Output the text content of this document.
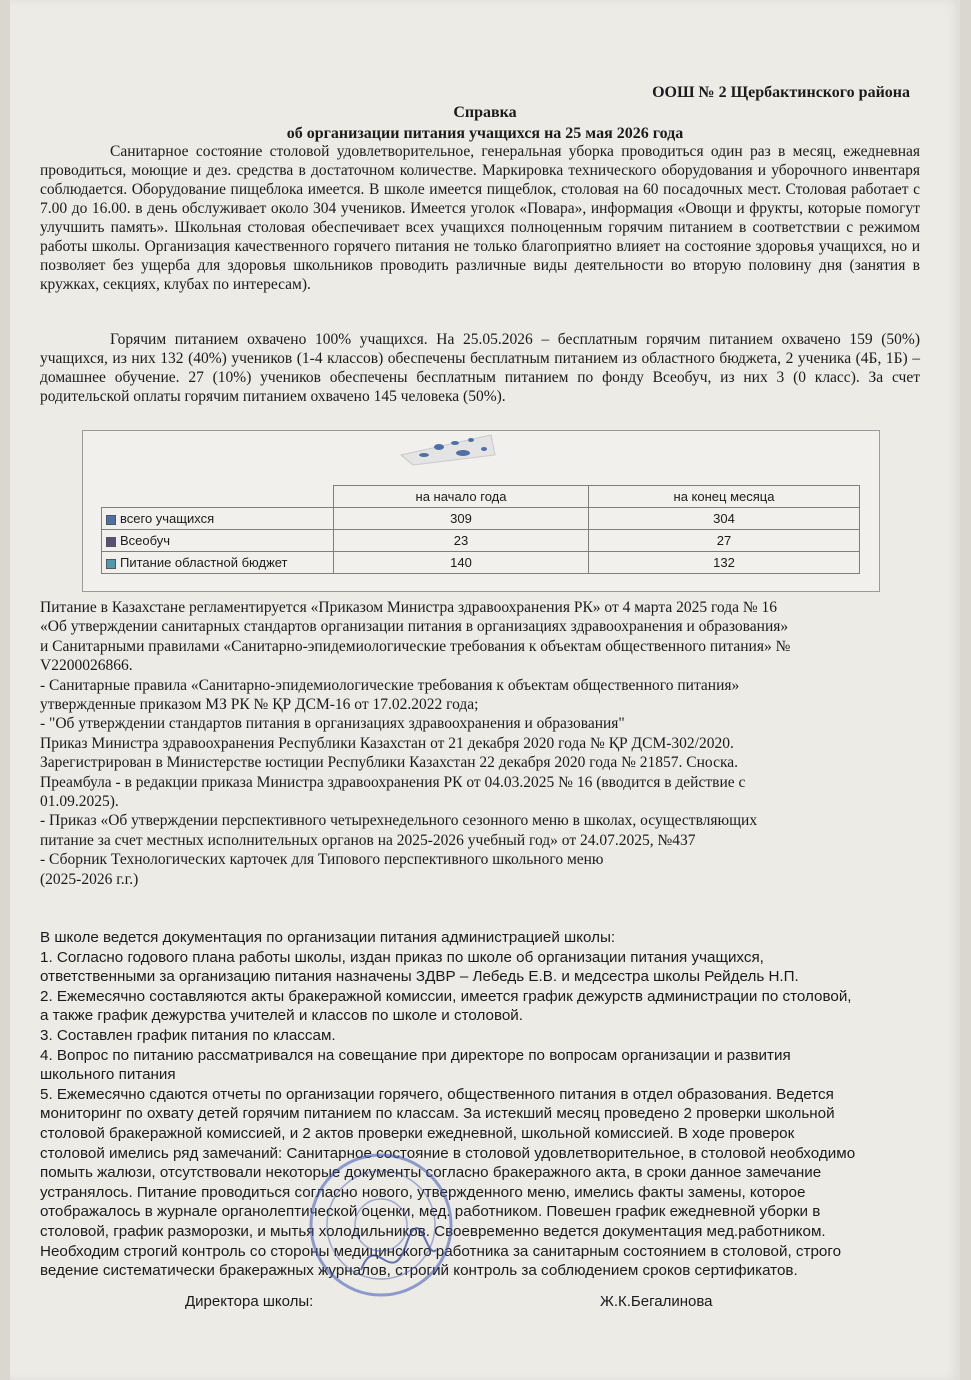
ООШ № 2 Щербактинского района
Справка
об организации питания учащихся на 25 мая 2026 года
Санитарное состояние столовой удовлетворительное, генеральная уборка проводиться один раз в месяц, ежедневная проводиться, моющие и дез. средства в достаточном количестве. Маркировка технического оборудования и уборочного инвентаря соблюдается. Оборудование пищеблока имеется. В школе имеется пищеблок, столовая на 60 посадочных мест. Столовая работает с 7.00 до 16.00. в день обслуживает около 304 учеников. Имеется уголок «Повара», информация «Овощи и фрукты, которые помогут улучшить память». Школьная столовая обеспечивает всех учащихся полноценным горячим питанием в соответствии с режимом работы школы. Организация качественного горячего питания не только благоприятно влияет на состояние здоровья учащихся, но и позволяет без ущерба для здоровья школьников проводить различные виды деятельности во вторую половину дня (занятия в кружках, секциях, клубах по интересам).
Горячим питанием охвачено 100% учащихся. На 25.05.2026 – бесплатным горячим питанием охвачено 159 (50%) учащихся, из них 132 (40%) учеников (1-4 классов) обеспечены бесплатным питанием из областного бюджета, 2 ученика (4Б, 1Б) – домашнее обучение. 27 (10%) учеников обеспечены бесплатным питанием по фонду Всеобуч, из них 3 (0 класс). За счет родительской оплаты горячим питанием охвачено 145 человека (50%).
	на начало года	на конец месяца
всего учащихся	309	304
Всеобуч	23	27
Питание областной бюджет	140	132
Питание в Казахстане регламентируется «Приказом Министра здравоохранения РК» от 4 марта 2025 года № 16
«Об утверждении санитарных стандартов организации питания в организациях здравоохранения и образования»
и Санитарными правилами «Санитарно-эпидемиологические требования к объектам общественного питания» №
V2200026866.
- Санитарные правила «Санитарно-эпидемиологические требования к объектам общественного питания»
утвержденные приказом МЗ РК № ҚР ДСМ-16 от 17.02.2022 года;
- "Об утверждении стандартов питания в организациях здравоохранения и образования"
Приказ Министра здравоохранения Республики Казахстан от 21 декабря 2020 года № ҚР ДСМ-302/2020.
Зарегистрирован в Министерстве юстиции Республики Казахстан 22 декабря 2020 года № 21857. Сноска.
Преамбула - в редакции приказа Министра здравоохранения РК от 04.03.2025 № 16 (вводится в действие с
01.09.2025).
- Приказ «Об утверждении перспективного четырехнедельного сезонного меню в школах, осуществляющих
питание за счет местных исполнительных органов на 2025-2026 учебный год» от 24.07.2025, №437
- Сборник Технологических карточек для Типового перспективного школьного меню
(2025-2026 г.г.)
В школе ведется документация по организации питания администрацией школы:
1. Согласно годового плана работы школы, издан приказ по школе об организации питания учащихся,
ответственными за организацию питания назначены ЗДВР – Лебедь Е.В. и медсестра школы Рейдель Н.П.
2. Ежемесячно составляются акты бракеражной комиссии, имеется график дежурств администрации по столовой,
а также график дежурства учителей и классов по школе и столовой.
3. Составлен график питания по классам.
4. Вопрос по питанию рассматривался на совещание при директоре по вопросам организации и развития
школьного питания
5. Ежемесячно сдаются отчеты по организации горячего, общественного питания в отдел образования. Ведется
мониторинг по охвату детей горячим питанием по классам. За истекший месяц проведено 2 проверки школьной
столовой бракеражной комиссией, и 2 актов проверки ежедневной, школьной комиссией. В ходе проверок
столовой имелись ряд замечаний: Санитарное состояние в столовой удовлетворительное, в столовой необходимо
помыть жалюзи, отсутствовали некоторые документы согласно бракеражного акта, в сроки данное замечание
устранялось. Питание проводиться согласно нового, утвержденного меню, имелись факты замены, которое
отображалось в журнале органолептической оценки, мед. работником. Повешен график ежедневной уборки в
столовой, график разморозки, и мытья холодильников. Своевременно ведется документация мед.работником.
Необходим строгий контроль со стороны медицинского работника за санитарным состоянием в столовой, строго
ведение систематически бракеражных журналов, строгий контроль за соблюдением сроков сертификатов.
Директора школы:	Ж.К.Бегалинова
